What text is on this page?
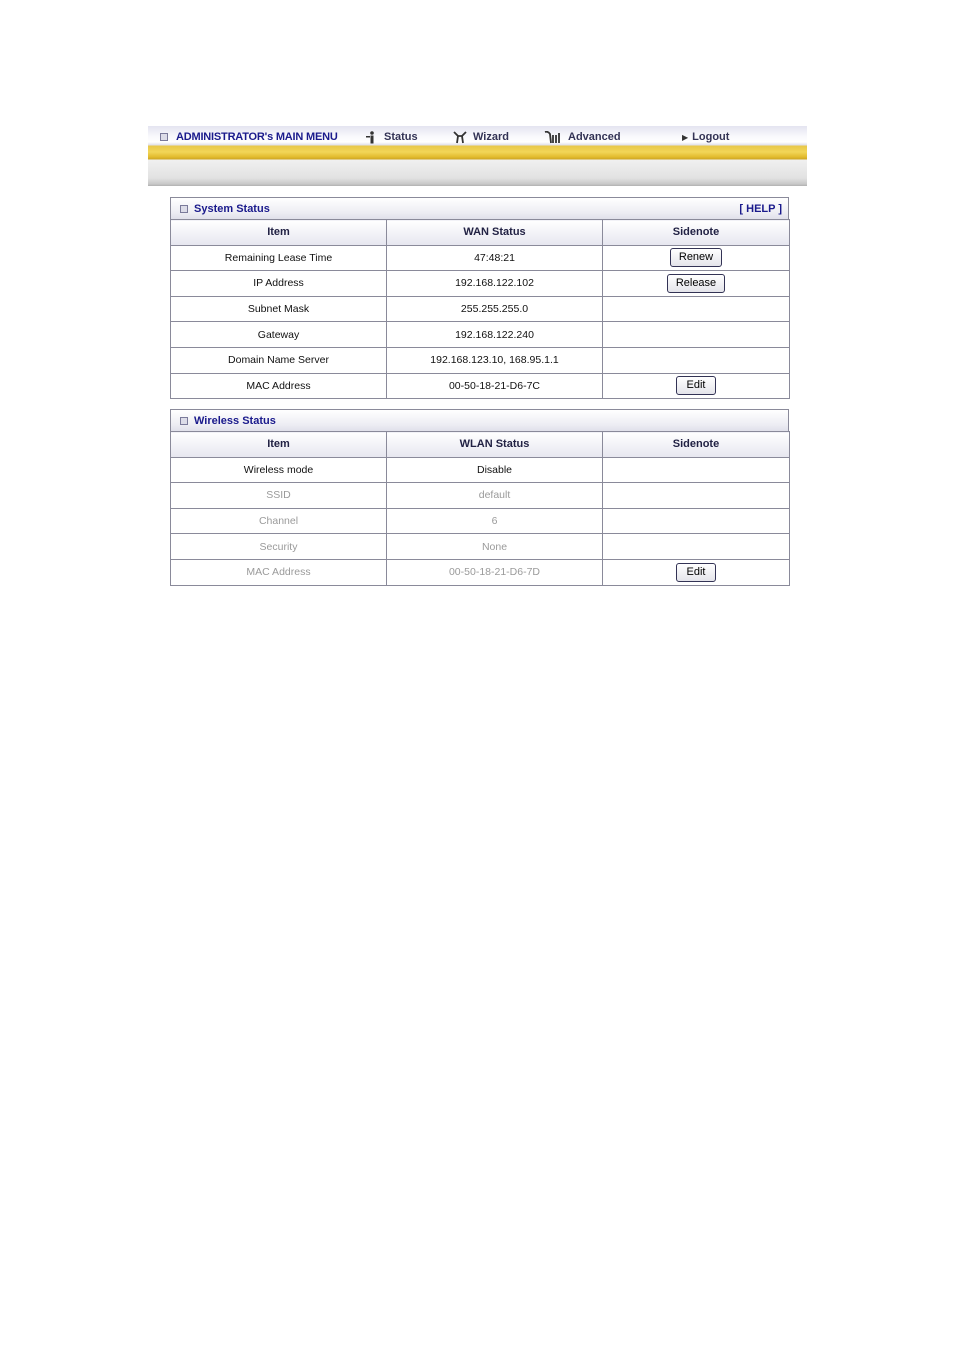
ADMINISTRATOR's MAIN MENU	Status	Wizard	Advanced	▶ Logout
System Status	[ HELP ]
Item	WAN Status	Sidenote
Remaining Lease Time	47:48:21	Renew
IP Address	192.168.122.102	Release
Subnet Mask	255.255.255.0	
Gateway	192.168.122.240	
Domain Name Server	192.168.123.10, 168.95.1.1	
MAC Address	00-50-18-21-D6-7C	Edit
Wireless Status
Item	WLAN Status	Sidenote
Wireless mode	Disable	
SSID	default	
Channel	6	
Security	None	
MAC Address	00-50-18-21-D6-7D	Edit
